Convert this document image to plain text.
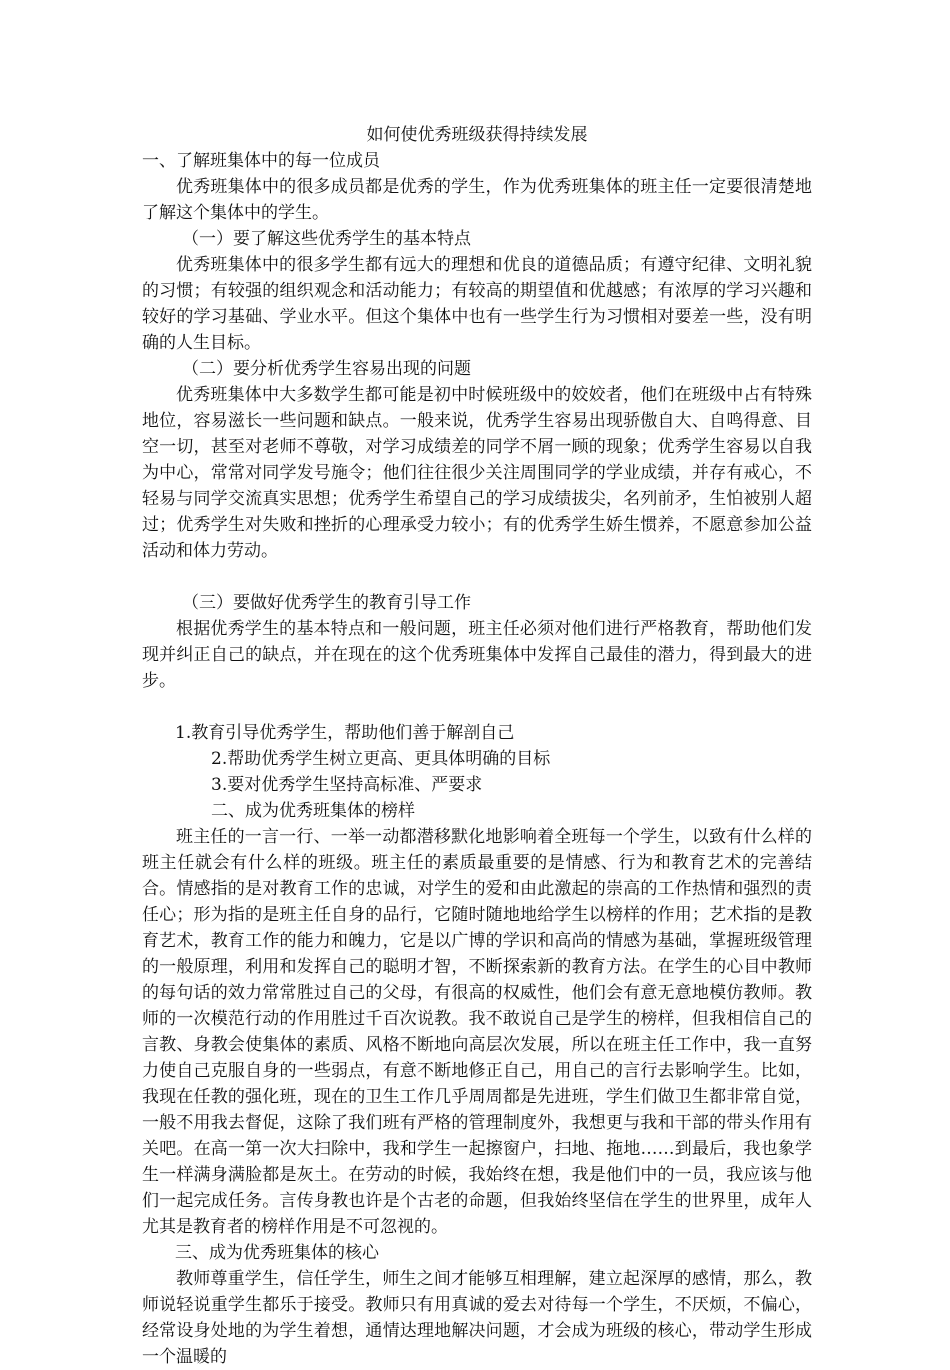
如何使优秀班级获得持续发展

一、了解班集体中的每一位成员

优秀班集体中的很多成员都是优秀的学生，作为优秀班集体的班主任一定要很清楚地了解这个集体中的学生。

（一）要了解这些优秀学生的基本特点

优秀班集体中的很多学生都有远大的理想和优良的道德品质；有遵守纪律、文明礼貌的习惯；有较强的组织观念和活动能力；有较高的期望值和优越感；有浓厚的学习兴趣和较好的学习基础、学业水平。但这个集体中也有一些学生行为习惯相对要差一些，没有明确的人生目标。

（二）要分析优秀学生容易出现的问题

优秀班集体中大多数学生都可能是初中时候班级中的姣姣者，他们在班级中占有特殊地位，容易滋长一些问题和缺点。一般来说，优秀学生容易出现骄傲自大、自鸣得意、目空一切，甚至对老师不尊敬，对学习成绩差的同学不屑一顾的现象；优秀学生容易以自我为中心，常常对同学发号施令；他们往往很少关注周围同学的学业成绩，并存有戒心，不轻易与同学交流真实思想；优秀学生希望自己的学习成绩拔尖，名列前矛，生怕被别人超过；优秀学生对失败和挫折的心理承受力较小；有的优秀学生娇生惯养，不愿意参加公益活动和体力劳动。

（三）要做好优秀学生的教育引导工作

根据优秀学生的基本特点和一般问题，班主任必须对他们进行严格教育，帮助他们发现并纠正自己的缺点，并在现在的这个优秀班集体中发挥自己最佳的潜力，得到最大的进步。

1.教育引导优秀学生，帮助他们善于解剖自己

2.帮助优秀学生树立更高、更具体明确的目标

3.要对优秀学生坚持高标准、严要求

二、成为优秀班集体的榜样

班主任的一言一行、一举一动都潜移默化地影响着全班每一个学生，以致有什么样的班主任就会有什么样的班级。班主任的素质最重要的是情感、行为和教育艺术的完善结合。情感指的是对教育工作的忠诚，对学生的爱和由此激起的崇高的工作热情和强烈的责任心；形为指的是班主任自身的品行，它随时随地地给学生以榜样的作用；艺术指的是教育艺术，教育工作的能力和魄力，它是以广博的学识和高尚的情感为基础，掌握班级管理的一般原理，利用和发挥自己的聪明才智，不断探索新的教育方法。在学生的心目中教师的每句话的效力常常胜过自己的父母，有很高的权威性，他们会有意无意地模仿教师。教师的一次模范行动的作用胜过千百次说教。我不敢说自己是学生的榜样，但我相信自己的言教、身教会使集体的素质、风格不断地向高层次发展，所以在班主任工作中，我一直努力使自己克服自身的一些弱点，有意不断地修正自己，用自己的言行去影响学生。比如，我现在任教的强化班，现在的卫生工作几乎周周都是先进班，学生们做卫生都非常自觉，一般不用我去督促，这除了我们班有严格的管理制度外，我想更与我和干部的带头作用有关吧。在高一第一次大扫除中，我和学生一起擦窗户，扫地、拖地……到最后，我也象学生一样满身满脸都是灰土。在劳动的时候，我始终在想，我是他们中的一员，我应该与他们一起完成任务。言传身教也许是个古老的命题，但我始终坚信在学生的世界里，成年人尤其是教育者的榜样作用是不可忽视的。

三、成为优秀班集体的核心

教师尊重学生，信任学生，师生之间才能够互相理解，建立起深厚的感情，那么，教师说轻说重学生都乐于接受。教师只有用真诚的爱去对待每一个学生，不厌烦，不偏心，经常设身处地的为学生着想，通情达理地解决问题，才会成为班级的核心，带动学生形成一个温暖的
